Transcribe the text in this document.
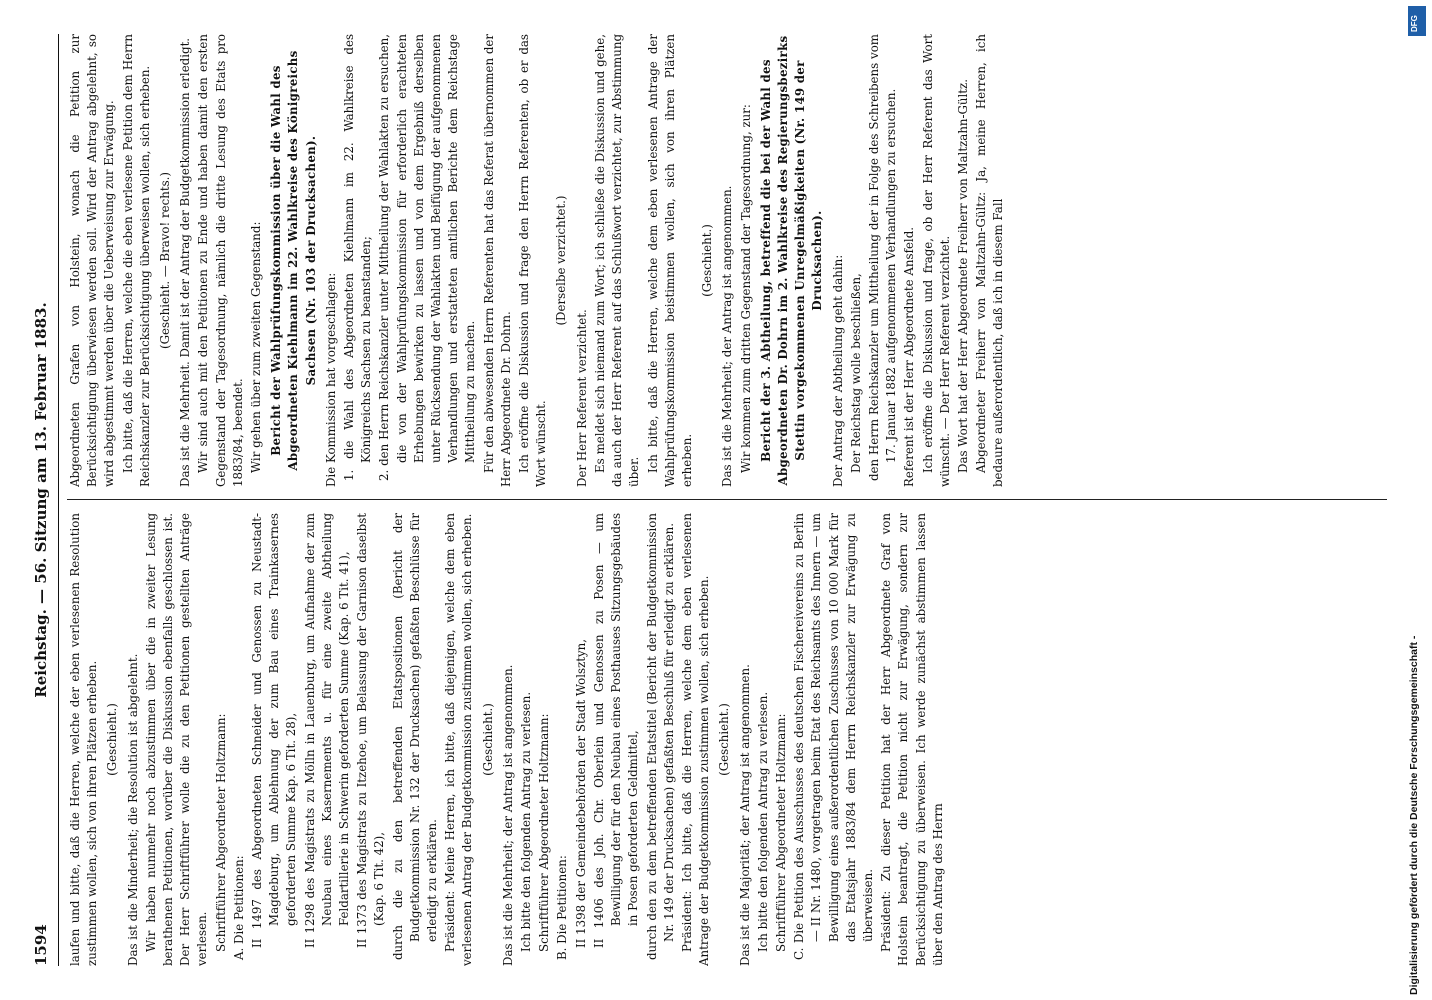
1594
Reichstag. — 56. Sitzung am 13. Februar 1883.

laufen und bitte, daß die Herren, welche der eben verlesenen Resolution zustimmen wollen, sich von ihren Plätzen erheben. (Geschieht.) Das ist die Minderheit; die Resolution ist abgelehnt. Wir haben nunmehr noch abzustimmen über die in zweiter Lesung berathenen Petitionen, worüber die Diskussion ebenfalls geschlossen ist. Der Herr Schriftführer wolle die zu den Petitionen gestellten Anträge verlesen. Schriftführer Abgeordneter Holtzmann: A. Die Petitionen: II 1497 des Abgeordneten Schneider und Genossen zu Neustadt-Magdeburg, um Ablehnung der zum Bau eines Trainkasernes geforderten Summe Kap. 6 Tit. 28), II 1298 des Magistrats zu Mölln in Lauenburg, um Aufnahme der zum Neubau eines Kasernements u. für eine zweite Abtheilung Feldartillerie in Schwerin geforderten Summe (Kap. 6 Tit. 41), II 1373 des Magistrats zu Itzehoe, um Belassung der Garnison daselbst (Kap. 6 Tit. 42), durch die zu den betreffenden Etatspositionen (Bericht der Budgetkommission Nr. 132 der Drucksachen) gefaßten Beschlüsse für erledigt zu erklären. Präsident: Meine Herren, ich bitte, daß diejenigen, welche dem eben verlesenen Antrag der Budgetkommission zustimmen wollen, sich erheben. (Geschieht.) Das ist die Mehrheit; der Antrag ist angenommen. Ich bitte den folgenden Antrag zu verlesen. Schriftführer Abgeordneter Holtzmann: B. Die Petitionen: II 1398 der Gemeindebehörden der Stadt Wolsztyn, II 1406 des Joh. Chr. Oberlein und Genossen zu Posen — um Bewilligung der für den Neubau eines Posthauses Sitzungsgebäudes in Posen geforderten Geldmittel, durch den zu dem betreffenden Etatstitel (Bericht der Budgetkommission Nr. 149 der Drucksachen) gefaßten Beschluß für erledigt zu erklären. Präsident: Ich bitte, daß die Herren, welche dem eben verlesenen Antrage der Budgetkommission zustimmen wollen, sich erheben. (Geschieht.) Das ist die Majorität; der Antrag ist angenommen. Ich bitte den folgenden Antrag zu verlesen. Schriftführer Abgeordneter Holtzmann: C. Die Petition des Ausschusses des deutschen Fischereivereins zu Berlin — II Nr. 1480, vorgetragen beim Etat des Reichsamts des Innern — um Bewilligung eines außerordentlichen Zuschusses von 10 000 Mark für das Etatsjahr 1883/84 dem Herrn Reichskanzler zur Erwägung zu überweisen. Präsident: Zu dieser Petition hat der Herr Abgeordnete Graf von Holstein beantragt, die Petition nicht zur Erwägung, sondern zur Berücksichtigung zu überweisen. Ich werde zunächst abstimmen lassen über den Antrag des Herrn

Abgeordneten Grafen von Holstein, wonach die Petition zur Berücksichtigung überwiesen werden soll. Wird der Antrag abgelehnt, so wird abgestimmt werden über die Ueberweisung zur Erwägung. Ich bitte, daß die Herren, welche die eben verlesene Petition dem Herrn Reichskanzler zur Berücksichtigung überweisen wollen, sich erheben. (Geschieht. — Bravo! rechts.) Das ist die Mehrheit. Damit ist der Antrag der Budgetkommission erledigt. Wir sind auch mit den Petitionen zu Ende und haben damit den ersten Gegenstand der Tagesordnung, nämlich die dritte Lesung des Etats pro 1883/84, beendet. Wir gehen über zum zweiten Gegenstand: Bericht der Wahlprüfungskommission über die Wahl des Abgeordneten Kiehlmann im 22. Wahlkreise des Königreichs Sachsen (Nr. 103 der Drucksachen). Die Kommission hat vorgeschlagen: 1. die Wahl des Abgeordneten Kiehlmann im 22. Wahlkreise des Königreichs Sachsen zu beanstanden; 2. den Herrn Reichskanzler unter Mittheilung der Wahlakten zu ersuchen, die von der Wahlprüfungskommission für erforderlich erachteten Erhebungen bewirken zu lassen und von dem Ergebniß derselben unter Rücksendung der Wahlakten und Beifügung der aufgenommenen Verhandlungen und erstatteten amtlichen Berichte dem Reichstage Mittheilung zu machen. Für den abwesenden Herrn Referenten hat das Referat übernommen der Herr Abgeordnete Dr. Dohrn. Ich eröffne die Diskussion und frage den Herrn Referenten, ob er das Wort wünscht.

(Derselbe verzichtet.)

Der Herr Referent verzichtet. Es meldet sich niemand zum Wort; ich schließe die Diskussion und gehe, da auch der Herr Referent auf das Schlußwort verzichtet, zur Abstimmung über. Ich bitte, daß die Herren, welche dem eben verlesenen Antrage der Wahlprüfungskommission beistimmen wollen, sich von ihren Plätzen erheben.

(Geschieht.) Das ist die Mehrheit; der Antrag ist angenommen. Wir kommen zum dritten Gegenstand der Tagesordnung, zur: Bericht der 3. Abtheilung, betreffend die bei der Wahl des Abgeordneten Dr. Dohrn im 2. Wahlkreise des Regierungsbezirks Stettin vorgekommenen Unregelmäßigkeiten (Nr. 149 der Drucksachen). Der Antrag der Abtheilung geht dahin: Der Reichstag wolle beschließen, den Herrn Reichskanzler um Mittheilung der in Folge des Schreibens vom 17. Januar 1882 aufgenommenen Verhandlungen zu ersuchen. Referent ist der Herr Abgeordnete Ansfeld. Ich eröffne die Diskussion und frage, ob der Herr Referent das Wort wünscht. — Der Herr Referent verzichtet. Das Wort hat der Herr Abgeordnete Freiherr von Maltzahn-Gültz. Abgeordneter Freiherr von Maltzahn-Gültz: Ja, meine Herren, ich bedaure außerordentlich, daß ich in diesem Fall

DFG
Digitalisierung gefördert durch die Deutsche Forschungsgemeinschaft -
